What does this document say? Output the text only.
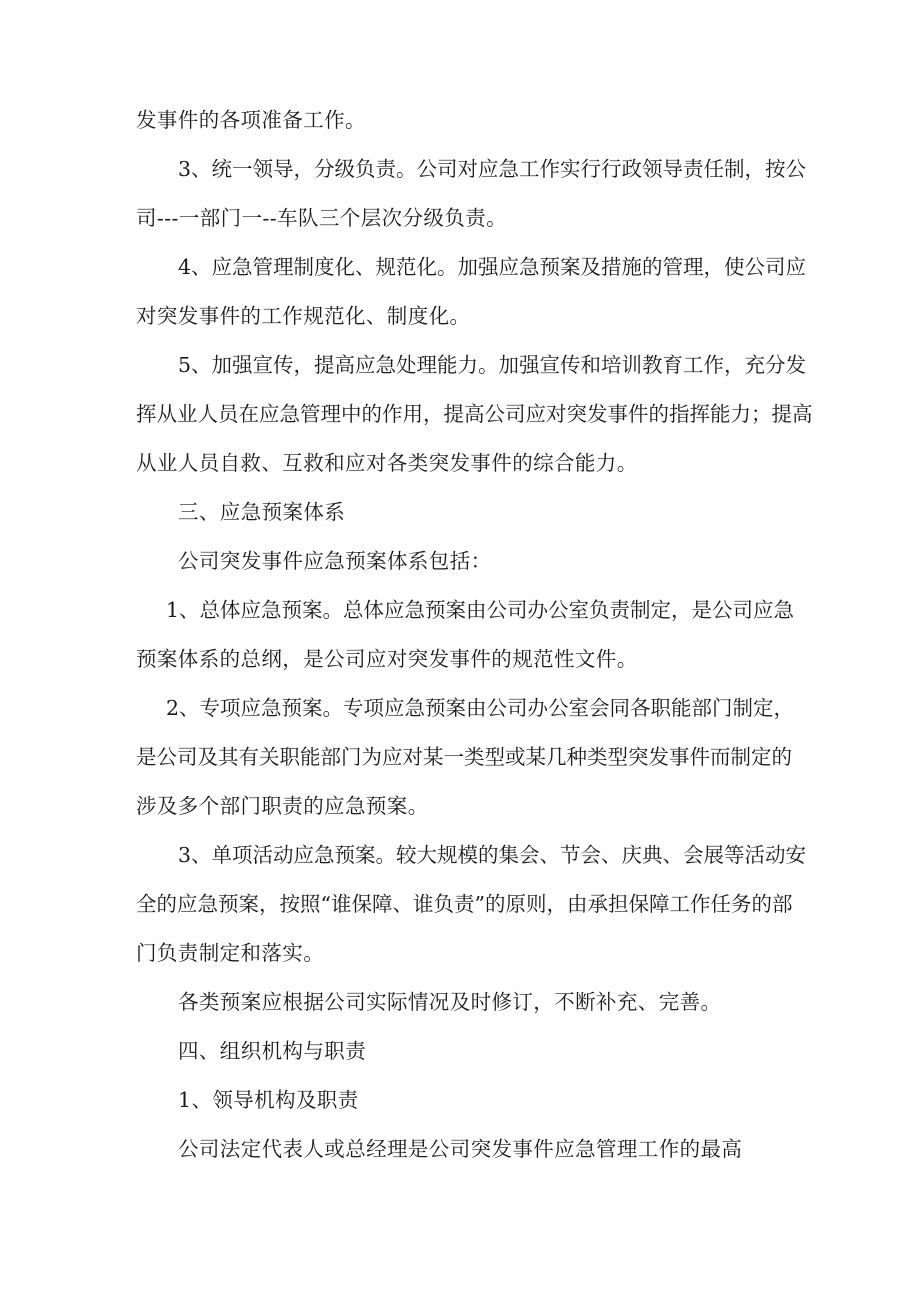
发事件的各项准备工作。
3、统一领导，分级负责。公司对应急工作实行行政领导责任制，按公
司---一部门一--车队三个层次分级负责。
4、应急管理制度化、规范化。加强应急预案及措施的管理，使公司应
对突发事件的工作规范化、制度化。
5、加强宣传，提高应急处理能力。加强宣传和培训教育工作，充分发
挥从业人员在应急管理中的作用，提高公司应对突发事件的指挥能力；提高
从业人员自救、互救和应对各类突发事件的综合能力。
三、应急预案体系
公司突发事件应急预案体系包括：
1、总体应急预案。总体应急预案由公司办公室负责制定，是公司应急
预案体系的总纲，是公司应对突发事件的规范性文件。
2、专项应急预案。专项应急预案由公司办公室会同各职能部门制定，
是公司及其有关职能部门为应对某一类型或某几种类型突发事件而制定的
涉及多个部门职责的应急预案。
3、单项活动应急预案。较大规模的集会、节会、庆典、会展等活动安
全的应急预案，按照“谁保障、谁负责”的原则，由承担保障工作任务的部
门负责制定和落实。
各类预案应根据公司实际情况及时修订，不断补充、完善。
四、组织机构与职责
1、领导机构及职责
公司法定代表人或总经理是公司突发事件应急管理工作的最高
